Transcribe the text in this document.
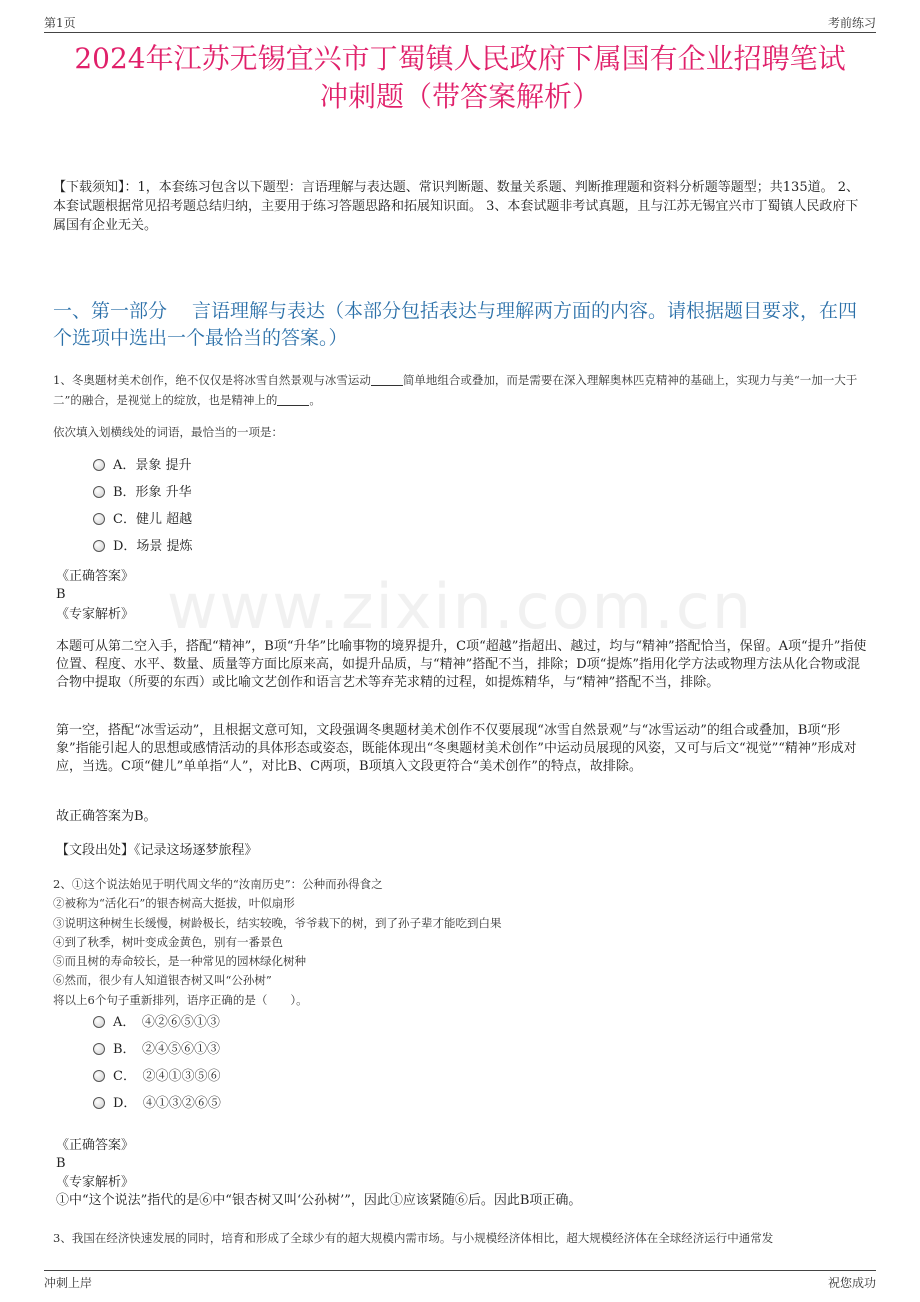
第1页	考前练习
www.zixin.com.cn
2024年江苏无锡宜兴市丁蜀镇人民政府下属国有企业招聘笔试
冲刺题（带答案解析）
【下载须知】：1，本套练习包含以下题型：言语理解与表达题、常识判断题、数量关系题、判断推理题和资料分析题等题型；共135道。 2、本套试题根据常见招考题总结归纳，主要用于练习答题思路和拓展知识面。 3、本套试题非考试真题，且与江苏无锡宜兴市丁蜀镇人民政府下属国有企业无关。
一、第一部分　 言语理解与表达（本部分包括表达与理解两方面的内容。请根据题目要求，在四个选项中选出一个最恰当的答案。）
1、冬奥题材美术创作，绝不仅仅是将冰雪自然景观与冰雪运动	简单地组合或叠加，而是需要在深入理解奥林匹克精神的基础上，实现力与美“一加一大于二”的融合，是视觉上的绽放，也是精神上的	。
依次填入划横线处的词语，最恰当的一项是：
A．景象 提升
B．形象 升华
C．健儿 超越
D．场景 提炼
《正确答案》
B
《专家解析》
本题可从第二空入手，搭配“精神”，B项“升华”比喻事物的境界提升，C项“超越”指超出、越过，均与“精神”搭配恰当，保留。A项“提升”指使位置、程度、水平、数量、质量等方面比原来高，如提升品质，与“精神”搭配不当，排除；D项“提炼”指用化学方法或物理方法从化合物或混合物中提取（所要的东西）或比喻文艺创作和语言艺术等弃芜求精的过程，如提炼精华，与“精神”搭配不当，排除。
第一空，搭配“冰雪运动”，且根据文意可知，文段强调冬奥题材美术创作不仅要展现“冰雪自然景观”与“冰雪运动”的组合或叠加，B项“形象”指能引起人的思想或感情活动的具体形态或姿态，既能体现出“冬奥题材美术创作”中运动员展现的风姿，又可与后文“视觉”“精神”形成对应，当选。C项“健儿”单单指“人”，对比B、C两项，B项填入文段更符合“美术创作”的特点，故排除。
故正确答案为B。
【文段出处】《记录这场逐梦旅程》
2、①这个说法始见于明代周文华的“汝南历史”：公种而孙得食之
②被称为“活化石”的银杏树高大挺拔，叶似扇形
③说明这种树生长缓慢，树龄极长，结实较晚，爷爷栽下的树，到了孙子辈才能吃到白果
④到了秋季，树叶变成金黄色，别有一番景色
⑤而且树的寿命较长，是一种常见的园林绿化树种
⑥然而，很少有人知道银杏树又叫“公孙树”
将以上6个句子重新排列，语序正确的是（　　）。
A．　④②⑥⑤①③
B．　②④⑤⑥①③
C．　②④①③⑤⑥
D．　④①③②⑥⑤
《正确答案》
B
《专家解析》
①中“这个说法”指代的是⑥中“银杏树又叫‘公孙树’”，因此①应该紧随⑥后。因此B项正确。
3、我国在经济快速发展的同时，培育和形成了全球少有的超大规模内需市场。与小规模经济体相比，超大规模经济体在全球经济运行中通常发
冲刺上岸	祝您成功
